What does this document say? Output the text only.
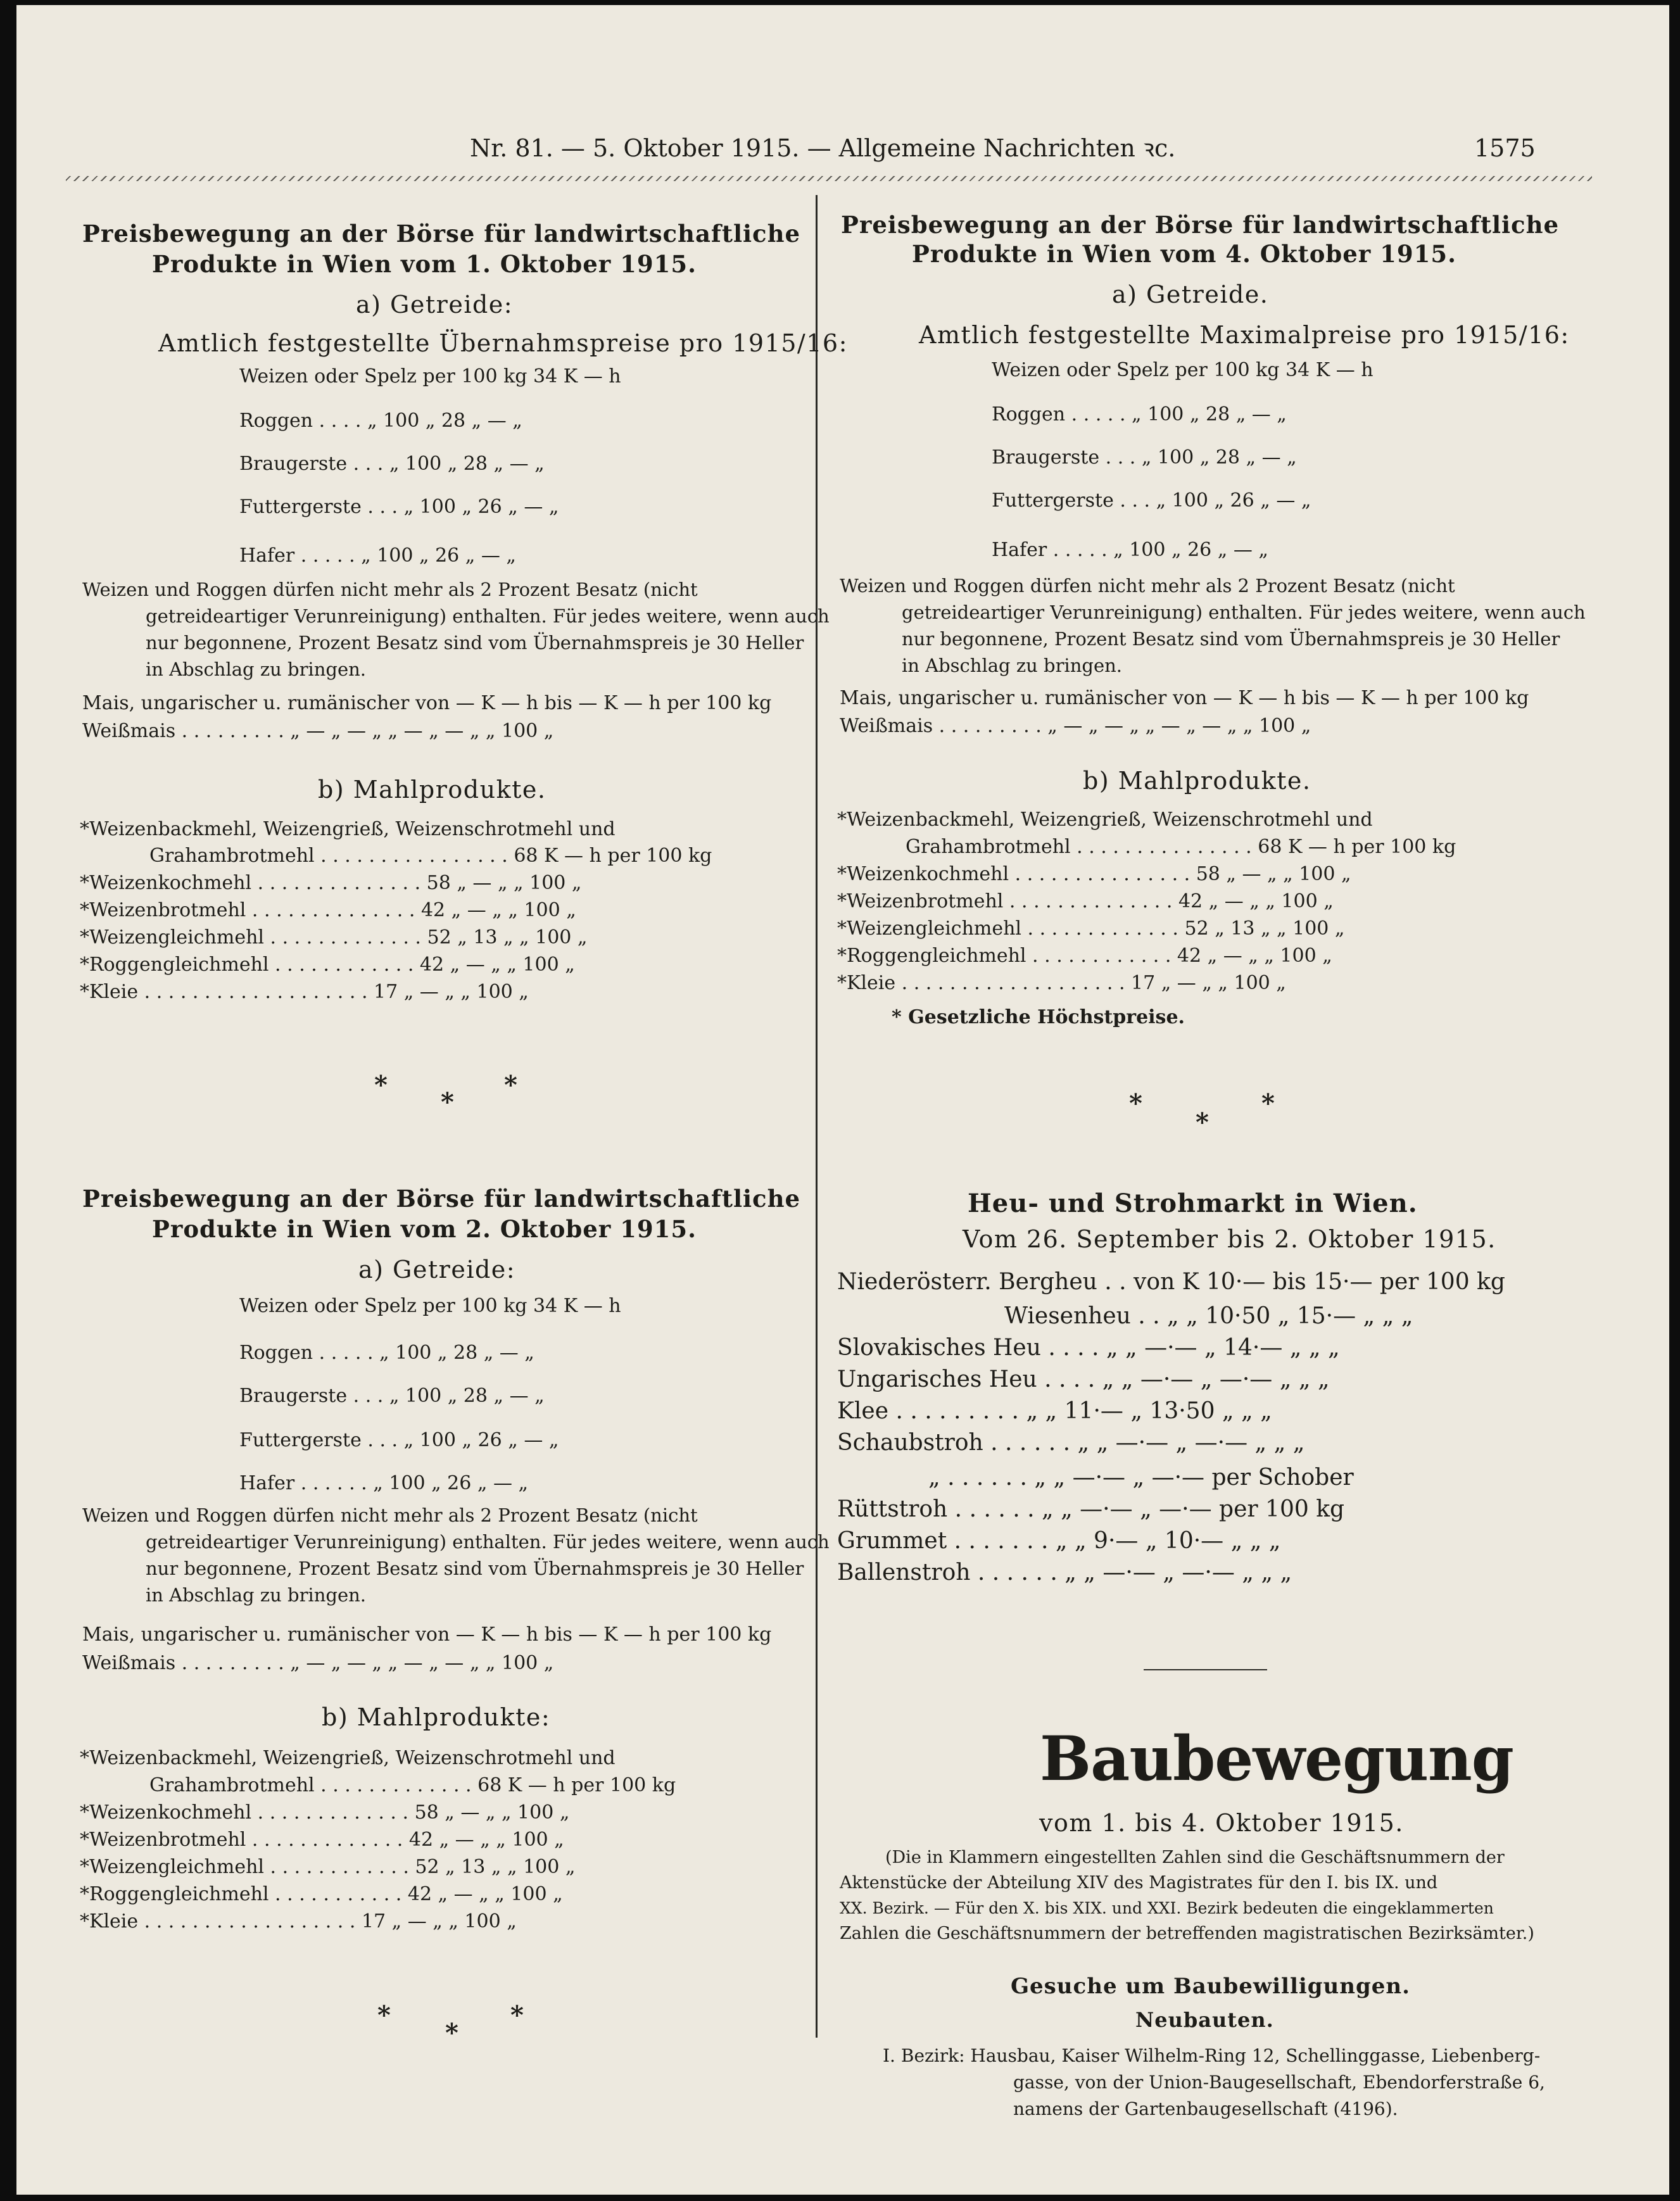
Nr. 81. — 5. Oktober 1915. — Allgemeine Nachrichten ꝛc.	1575
Preisbewegung an der Börse für landwirtschaftliche
Produkte in Wien vom 1. Oktober 1915.
a) Getreide:
Amtlich festgestellte Übernahmspreise pro 1915/16:
Weizen oder Spelz per 100 kg 34 K — h
Roggen . . . . „ 100 „ 28 „ — „
Braugerste . . . „ 100 „ 28 „ — „
Futtergerste . . . „ 100 „ 26 „ — „
Hafer . . . . . „ 100 „ 26 „ — „
Weizen und Roggen dürfen nicht mehr als 2 Prozent Besatz (nicht
getreideartiger Verunreinigung) enthalten. Für jedes weitere, wenn auch
nur begonnene, Prozent Besatz sind vom Übernahmspreis je 30 Heller
in Abschlag zu bringen.
Mais, ungarischer u. rumänischer von — K — h bis — K — h per 100 kg
Weißmais . . . . . . . . . „ — „ — „ „ — „ — „ „ 100 „
b) Mahlprodukte.
*Weizenbackmehl, Weizengrieß, Weizenschrotmehl und
Grahambrotmehl . . . . . . . . . . . . . . . . 68 K — h per 100 kg
*Weizenkochmehl . . . . . . . . . . . . . . 58 „ — „ „ 100 „
*Weizenbrotmehl . . . . . . . . . . . . . . 42 „ — „ „ 100 „
*Weizengleichmehl . . . . . . . . . . . . . 52 „ 13 „ „ 100 „
*Roggengleichmehl . . . . . . . . . . . . 42 „ — „ „ 100 „
*Kleie . . . . . . . . . . . . . . . . . . . 17 „ — „ „ 100 „
*
*
*
Preisbewegung an der Börse für landwirtschaftliche
Produkte in Wien vom 4. Oktober 1915.
a) Getreide.
Amtlich festgestellte Maximalpreise pro 1915/16:
Weizen oder Spelz per 100 kg 34 K — h
Roggen . . . . . „ 100 „ 28 „ — „
Braugerste . . . „ 100 „ 28 „ — „
Futtergerste . . . „ 100 „ 26 „ — „
Hafer . . . . . „ 100 „ 26 „ — „
Weizen und Roggen dürfen nicht mehr als 2 Prozent Besatz (nicht
getreideartiger Verunreinigung) enthalten. Für jedes weitere, wenn auch
nur begonnene, Prozent Besatz sind vom Übernahmspreis je 30 Heller
in Abschlag zu bringen.
Mais, ungarischer u. rumänischer von — K — h bis — K — h per 100 kg
Weißmais . . . . . . . . . „ — „ — „ „ — „ — „ „ 100 „
b) Mahlprodukte.
*Weizenbackmehl, Weizengrieß, Weizenschrotmehl und
Grahambrotmehl . . . . . . . . . . . . . . . 68 K — h per 100 kg
*Weizenkochmehl . . . . . . . . . . . . . . . 58 „ — „ „ 100 „
*Weizenbrotmehl . . . . . . . . . . . . . . 42 „ — „ „ 100 „
*Weizengleichmehl . . . . . . . . . . . . . 52 „ 13 „ „ 100 „
*Roggengleichmehl . . . . . . . . . . . . 42 „ — „ „ 100 „
*Kleie . . . . . . . . . . . . . . . . . . . 17 „ — „ „ 100 „
* Gesetzliche Höchstpreise.
*
*
*
Preisbewegung an der Börse für landwirtschaftliche
Produkte in Wien vom 2. Oktober 1915.
a) Getreide:
Weizen oder Spelz per 100 kg 34 K — h
Roggen . . . . . „ 100 „ 28 „ — „
Braugerste . . . „ 100 „ 28 „ — „
Futtergerste . . . „ 100 „ 26 „ — „
Hafer . . . . . . „ 100 „ 26 „ — „
Weizen und Roggen dürfen nicht mehr als 2 Prozent Besatz (nicht
getreideartiger Verunreinigung) enthalten. Für jedes weitere, wenn auch
nur begonnene, Prozent Besatz sind vom Übernahmspreis je 30 Heller
in Abschlag zu bringen.
Mais, ungarischer u. rumänischer von — K — h bis — K — h per 100 kg
Weißmais . . . . . . . . . „ — „ — „ „ — „ — „ „ 100 „
b) Mahlprodukte:
*Weizenbackmehl, Weizengrieß, Weizenschrotmehl und
Grahambrotmehl . . . . . . . . . . . . . 68 K — h per 100 kg
*Weizenkochmehl . . . . . . . . . . . . . 58 „ — „ „ 100 „
*Weizenbrotmehl . . . . . . . . . . . . . 42 „ — „ „ 100 „
*Weizengleichmehl . . . . . . . . . . . . 52 „ 13 „ „ 100 „
*Roggengleichmehl . . . . . . . . . . . 42 „ — „ „ 100 „
*Kleie . . . . . . . . . . . . . . . . . . 17 „ — „ „ 100 „
*
*
*
Heu- und Strohmarkt in Wien.
Vom 26. September bis 2. Oktober 1915.
Niederösterr. Bergheu . . von K 10·— bis 15·— per 100 kg
Wiesenheu . . „ „ 10·50 „ 15·— „ „ „
Slovakisches Heu . . . . „ „ —·— „ 14·— „ „ „
Ungarisches Heu . . . . „ „ —·— „ —·— „ „ „
Klee . . . . . . . . . „ „ 11·— „ 13·50 „ „ „
Schaubstroh . . . . . . „ „ —·— „ —·— „ „ „
„ . . . . . . „ „ —·— „ —·— per Schober
Rüttstroh . . . . . . „ „ —·— „ —·— per 100 kg
Grummet . . . . . . . „ „ 9·— „ 10·— „ „ „
Ballenstroh . . . . . . „ „ —·— „ —·— „ „ „
Baubewegung
vom 1. bis 4. Oktober 1915.
(Die in Klammern eingestellten Zahlen sind die Geschäftsnummern der
Aktenstücke der Abteilung XIV des Magistrates für den I. bis IX. und
XX. Bezirk. — Für den X. bis XIX. und XXI. Bezirk bedeuten die eingeklammerten
Zahlen die Geschäftsnummern der betreffenden magistratischen Bezirksämter.)
Gesuche um Baubewilligungen.
Neubauten.
I. Bezirk: Hausbau, Kaiser Wilhelm-Ring 12, Schellinggasse, Liebenberg-
gasse, von der Union-Baugesellschaft, Ebendorferstraße 6,
namens der Gartenbaugesellschaft (4196).
